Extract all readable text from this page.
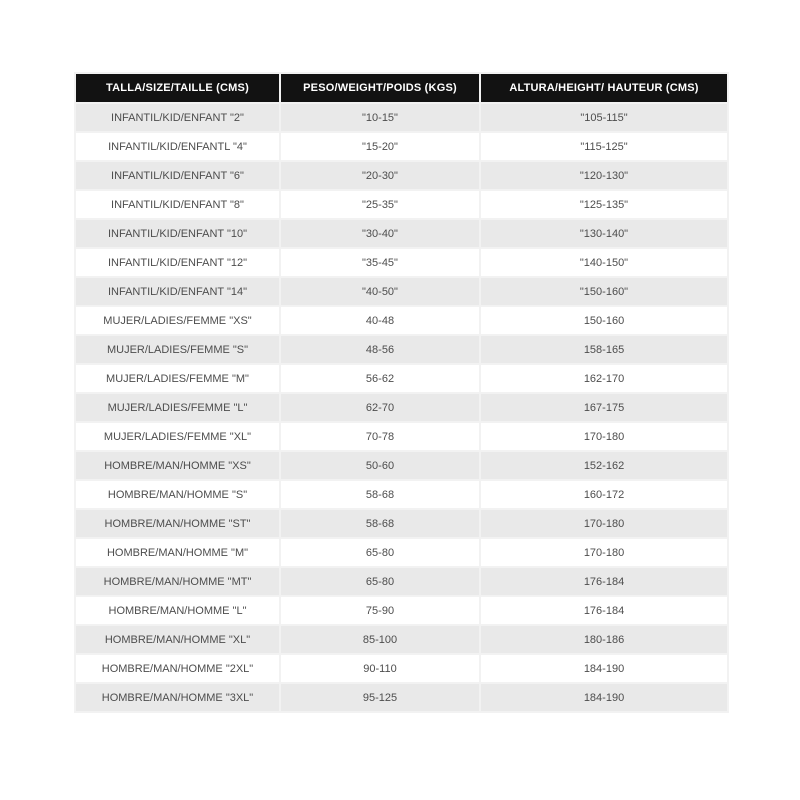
TALLA/SIZE/TAILLE (CMS)	PESO/WEIGHT/POIDS (KGS)	ALTURA/HEIGHT/ HAUTEUR (CMS)
INFANTIL/KID/ENFANT "2"	"10-15"	"105-115"
INFANTIL/KID/ENFANTL "4"	"15-20"	"115-125"
INFANTIL/KID/ENFANT "6"	"20-30"	"120-130"
INFANTIL/KID/ENFANT "8"	"25-35"	"125-135"
INFANTIL/KID/ENFANT "10"	"30-40"	"130-140"
INFANTIL/KID/ENFANT "12"	"35-45"	"140-150"
INFANTIL/KID/ENFANT "14"	"40-50"	"150-160"
MUJER/LADIES/FEMME "XS"	40-48	150-160
MUJER/LADIES/FEMME "S"	48-56	158-165
MUJER/LADIES/FEMME "M"	56-62	162-170
MUJER/LADIES/FEMME "L"	62-70	167-175
MUJER/LADIES/FEMME "XL"	70-78	170-180
HOMBRE/MAN/HOMME "XS"	50-60	152-162
HOMBRE/MAN/HOMME "S"	58-68	160-172
HOMBRE/MAN/HOMME "ST"	58-68	170-180
HOMBRE/MAN/HOMME "M"	65-80	170-180
HOMBRE/MAN/HOMME "MT"	65-80	176-184
HOMBRE/MAN/HOMME "L"	75-90	176-184
HOMBRE/MAN/HOMME "XL"	85-100	180-186
HOMBRE/MAN/HOMME "2XL"	90-110	184-190
HOMBRE/MAN/HOMME "3XL"	95-125	184-190
